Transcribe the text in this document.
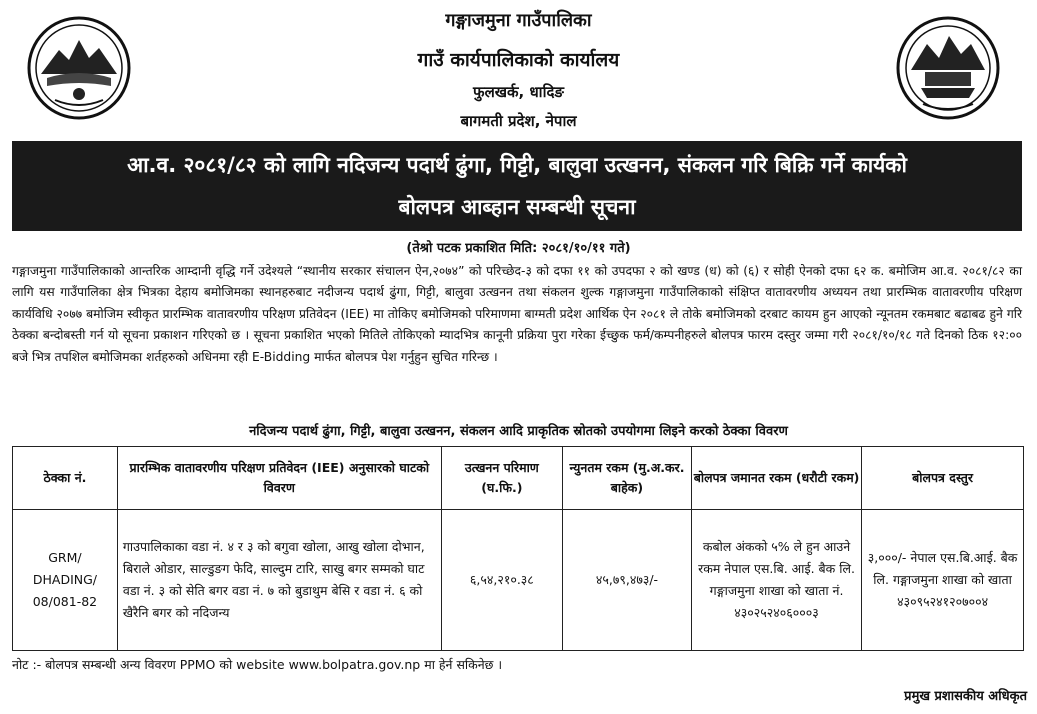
गङ्गाजमुना गाउँपालिका
गाउँ कार्यपालिकाको कार्यालय
फुलखर्क, धादिङ
बागमती प्रदेश, नेपाल
आ.व. २०८१/८२ को लागि नदिजन्य पदार्थ ढुंगा, गिट्टी, बालुवा उत्खनन, संकलन गरि बिक्रि गर्ने कार्यको
बोलपत्र आब्हान सम्बन्धी सूचना
(तेश्रो पटक प्रकाशित मिति: २०८१/१०/११ गते)
गङ्गाजमुना गाउँपालिकाको आन्तरिक आम्दानी वृद्धि गर्ने उदेश्यले “स्थानीय सरकार संचालन ऐन,२०७४” को परिच्छेद-३ को दफा ११ को उपदफा २ को खण्ड (ध) को (६) र सोही ऐनको दफा ६२ क. बमोजिम आ.व. २०८१/८२ का लागि यस गाउँपालिका क्षेत्र भित्रका देहाय बमोजिमका स्थानहरुबाट नदीजन्य पदार्थ ढुंगा, गिट्टी, बालुवा उत्खनन तथा संकलन शुल्क गङ्गाजमुना गाउँपालिकाको संक्षिप्त वातावरणीय अध्ययन तथा प्रारम्भिक वातावरणीय परिक्षण कार्यविधि २०७७ बमोजिम स्वीकृत प्रारम्भिक वातावरणीय परिक्षण प्रतिवेदन (IEE) मा तोकिए बमोजिमको परिमाणमा बाग्मती प्रदेश आर्थिक ऐन २०८१ ले तोके बमोजिमको दरबाट कायम हुन आएको न्यूनतम रकमबाट बढाबढ हुने गरि ठेक्का बन्दोबस्ती गर्न यो सूचना प्रकाशन गरिएको छ । सूचना प्रकाशित भएको मितिले तोकिएको म्यादभित्र कानूनी प्रक्रिया पुरा गरेका ईच्छुक फर्म/कम्पनीहरुले बोलपत्र फारम दस्तुर जम्मा गरी २०८१/१०/१८ गते दिनको ठिक १२:०० बजे भित्र तपशिल बमोजिमका शर्तहरुको अधिनमा रही E-Bidding मार्फत बोलपत्र पेश गर्नुहुन सुचित गरिन्छ ।
नदिजन्य पदार्थ ढुंगा, गिट्टी, बालुवा उत्खनन, संकलन आदि प्राकृतिक स्रोतको उपयोगमा लिइने करको ठेक्का विवरण
ठेक्का नं.	प्रारम्भिक वातावरणीय परिक्षण प्रतिवेदन (IEE) अनुसारको घाटको विवरण	उत्खनन परिमाण (घ.फि.)	न्युनतम रकम (मु.अ.कर. बाहेक)	बोलपत्र जमानत रकम (धरौटी रकम)	बोलपत्र दस्तुर
GRM/ DHADING/ 08/081-82	गाउपालिकाका वडा नं. ४ र ३ को बगुवा खोला, आखु खोला दोभान, बिराले ओडार, साल्डुङग फेदि, साल्दुम टारि, साखु बगर सम्मको घाट वडा नं. ३ को सेति बगर वडा नं. ७ को बुडाथुम बेसि र वडा नं. ६ को खैरैनि बगर को नदिजन्य	६,५४,२१०.३८	४५,७९,४७३/-	कबोल अंकको ५% ले हुन आउने रकम नेपाल एस.बि. आई. बैक लि. गङ्गाजमुना शाखा को खाता नं. ४३०२५२४०६०००३	३,०००/- नेपाल एस.बि.आई. बैक लि. गङ्गाजमुना शाखा को खाता ४३०९५२४१२०७००४
नोट :- बोलपत्र सम्बन्धी अन्य विवरण PPMO को website www.bolpatra.gov.np मा हेर्न सकिनेछ ।
प्रमुख प्रशासकीय अधिकृत
